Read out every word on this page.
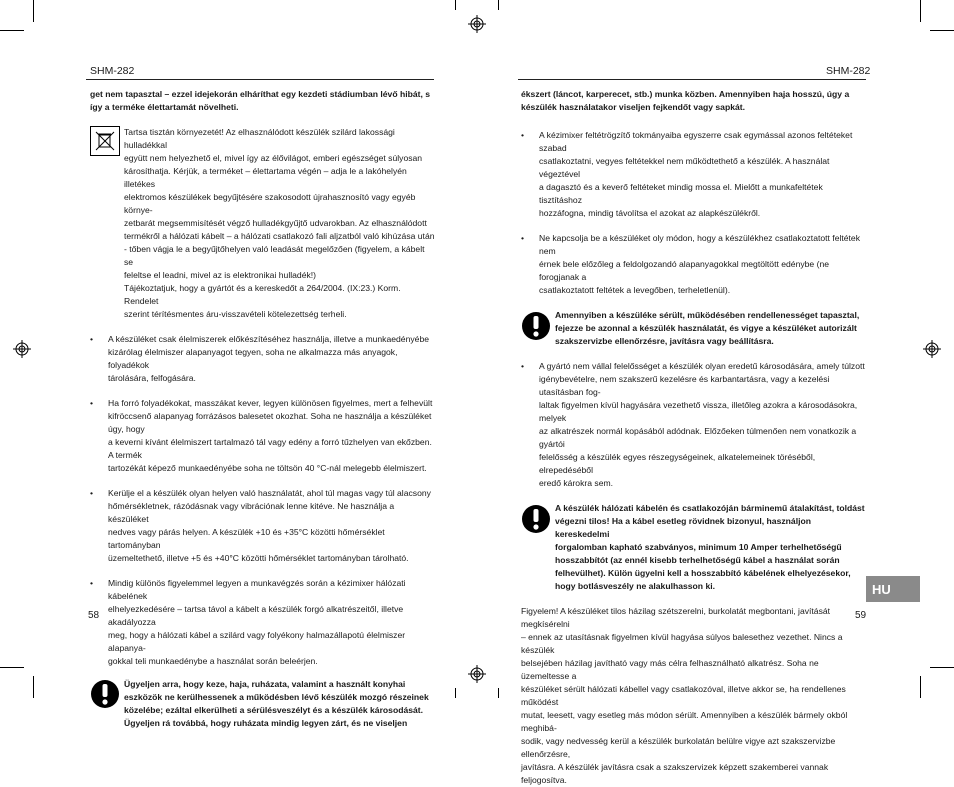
SHM-282

get nem tapasztal – ezzel idejekorán elháríthat egy kezdeti stádiumban lévő hibát, s így a terméke élettartamát növelheti.

Tartsa tisztán környezetét! Az elhasználódott készülék szilárd lakossági hulladékkal

együtt nem helyezhető el, mivel így az élővilágot, emberi egészséget súlyosan

károsíthatja. Kérjük, a terméket – élettartama végén – adja le a lakóhelyén illetékes

elektromos készülékek begyűjtésére szakosodott újrahasznosító vagy egyéb környe-

zetbarát megsemmisítését végző hulladékgyűjtő udvarokban. Az elhasználódott

termékről a hálózati kábelt – a hálózati csatlakozó fali aljzatból való kihúzása után

- tőben vágja le a begyűjtőhelyen való leadását megelőzően (figyelem, a kábelt se

feleltse el leadni, mivel az is elektronikai hulladék!)

Tájékoztatjuk, hogy a gyártót és a kereskedőt a 264/2004. (IX:23.) Korm. Rendelet

szerint térítésmentes áru-visszavételi kötelezettség terheli.

• A készüléket csak élelmiszerek előkészítéséhez használja, illetve a munkaedényébe

kizárólag élelmiszer alapanyagot tegyen, soha ne alkalmazza más anyagok, folyadékok

tárolására, felfogására.

• Ha forró folyadékokat, masszákat kever, legyen különösen figyelmes, mert a felhevült

kifröccsenő alapanyag forrázásos balesetet okozhat. Soha ne használja a készüléket úgy, hogy

a keverni kívánt élelmiszert tartalmazó tál vagy edény a forró tűzhelyen van ekőzben. A termék

tartozékát képező munkaedényébe soha ne töltsön 40 °C-nál melegebb élelmiszert.

• Kerülje el a készülék olyan helyen való használatát, ahol túl magas vagy túl alacsony

hőmérsékletnek, rázódásnak vagy vibrációnak lenne kitéve. Ne használja a készüléket

nedves vagy párás helyen. A készülék +10 és +35°C közötti hőmérséklet tartományban

üzemeltethető, illetve +5 és +40°C közötti hőmérséklet tartományban tárolható.

• Mindig különös figyelemmel legyen a munkavégzés során a kézimixer hálózati kábelének

elhelyezkedésére – tartsa távol a kábelt a készülék forgó alkatrészeitől, illetve akadályozza

meg, hogy a hálózati kábel a szilárd vagy folyékony halmazállapotú élelmiszer alapanya-

gokkal teli munkaedénybe a használat során beleérjen.

Ügyeljen arra, hogy keze, haja, ruházata, valamint a használt konyhai

eszközök ne kerülhessenek a működésben lévő készülék mozgó részeinek

közelébe; ezáltal elkerülheti a sérülésveszélyt és a készülék károsodását.

Ügyeljen rá továbbá, hogy ruházata mindig legyen zárt, és ne viseljen

58
SHM-282

ékszert (láncot, karperecet, stb.) munka közben. Amennyiben haja hosszú, úgy a

készülék használatakor viseljen fejkendőt vagy sapkát.

• A kézimixer feltétrögzítő tokmányaiba egyszerre csak egymással azonos feltéteket szabad

csatlakoztatni, vegyes feltétekkel nem működtethető a készülék. A használat végeztével

a dagasztó és a keverő feltéteket mindig mossa el. Mielőtt a munkafeltétek tisztításhoz

hozzáfogna, mindig távolítsa el azokat az alapkészülékről.

• Ne kapcsolja be a készüléket oly módon, hogy a készülékhez csatlakoztatott feltétek nem

érnek bele előzőleg a feldolgozandó alapanyagokkal megtöltött edénybe (ne forogjanak a

csatlakoztatott feltétek a levegőben, terheletlenül).

Amennyiben a készüléke sérült, működésében rendellenességet tapasztal,

fejezze be azonnal a készülék használatát, és vigye a készüléket autorizált

szakszervizbe ellenőrzésre, javításra vagy beállításra.

• A gyártó nem vállal felelősséget a készülék olyan eredetű károsodására, amely túlzott

igénybevételre, nem szakszerű kezelésre és karbantartásra, vagy a kezelési utasításban fog-

laltak figyelmen kívül hagyására vezethető vissza, illetőleg azokra a károsodásokra, melyek

az alkatrészek normál kopásából adódnak. Előzőeken túlmenően nem vonatkozik a gyártói

felelősség a készülék egyes részegységeinek, alkatelemeinek töréséből, elrepedéséből

eredő károkra sem.

A készülék hálózati kábelén és csatlakozóján bárminemű átalakítást, toldást

végezni tilos! Ha a kábel esetleg rövidnek bizonyul, használjon kereskedelmi

forgalomban kapható szabványos, minimum 10 Amper terhelhetőségű

hosszabbítót (az ennél kisebb terhelhetőségű kábel a használat során

felhevülhet). Külön ügyelni kell a hosszabbító kábelének elhelyezésekor,

hogy botlásveszély ne alakulhasson ki.

Figyelem! A készüléket tilos házilag szétszerelni, burkolatát megbontani, javítását megkísérelni

– ennek az utasításnak figyelmen kívül hagyása súlyos balesethez vezethet. Nincs a készülék

belsejében házilag javítható vagy más célra felhasználható alkatrész. Soha ne üzemeltesse a

készüléket sérült hálózati kábellel vagy csatlakozóval, illetve akkor se, ha rendellenes működést

mutat, leesett, vagy esetleg más módon sérült. Amennyiben a készülék bármely okból meghibá-

sodik, vagy nedvesség kerül a készülék burkolatán belülre vigye azt szakszervizbe ellenőrzésre,

javításra. A készülék javításra csak a szakszervizek képzett szakemberei vannak feljogosítva.

HU
59
